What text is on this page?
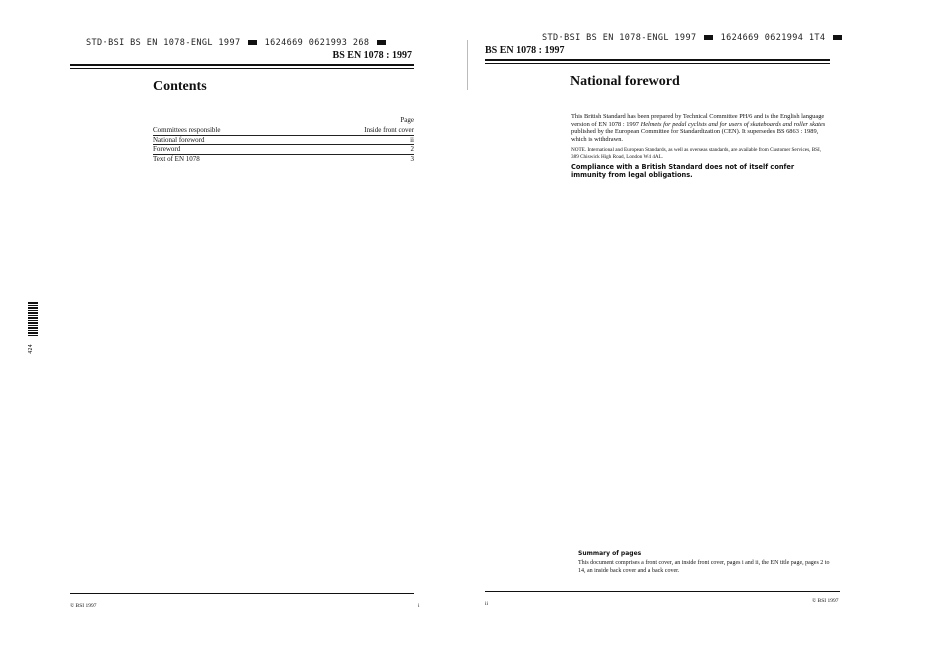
STD·BSI BS EN 1078-ENGL 1997	1624669 0621993 268
BS EN 1078 : 1997
Contents
Page
Committees responsible	Inside front cover
National foreword	ii
Foreword	2
Text of EN 1078	3
© BSI 1997	i
424
STD·BSI BS EN 1078-ENGL 1997	1624669 0621994 1T4
BS EN 1078 : 1997
National foreword

This British Standard has been prepared by Technical Committee PH/6 and is the English language version of EN 1078 : 1997 Helmets for pedal cyclists and for users of skateboards and roller skates published by the European Committee for Standardization (CEN). It supersedes BS 6863 : 1989, which is withdrawn.

NOTE. International and European Standards, as well as overseas standards, are available from Customer Services, BSI, 389 Chiswick High Road, London W4 4AL.

Compliance with a British Standard does not of itself confer immunity from legal obligations.

Summary of pages
This document comprises a front cover, an inside front cover, pages i and ii, the EN title page, pages 2 to 14, an inside back cover and a back cover.
ii	© BSI 1997
